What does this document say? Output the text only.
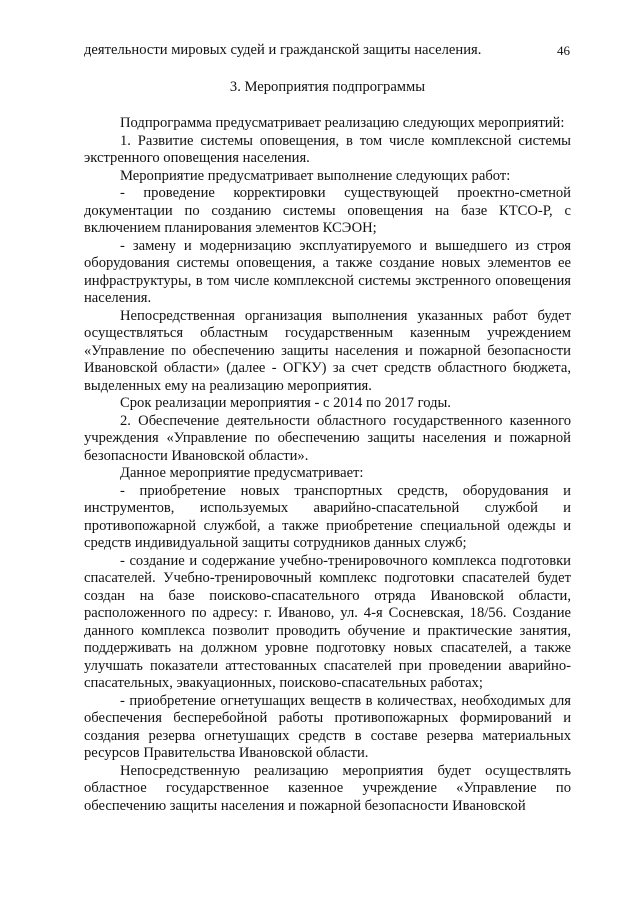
46

деятельности мировых судей и гражданской защиты населения.

3. Мероприятия подпрограммы

Подпрограмма предусматривает реализацию следующих мероприятий:

1. Развитие системы оповещения, в том числе комплексной системы экстренного оповещения населения.

Мероприятие предусматривает выполнение следующих работ:

- проведение корректировки существующей проектно-сметной документации по созданию системы оповещения на базе КТСО-Р, с включением планирования элементов КСЭОН;

- замену и модернизацию эксплуатируемого и вышедшего из строя оборудования системы оповещения, а также создание новых элементов ее инфраструктуры, в том числе комплексной системы экстренного оповещения населения.

Непосредственная организация выполнения указанных работ будет осуществляться областным государственным казенным учреждением «Управление по обеспечению защиты населения и пожарной безопасности Ивановской области» (далее - ОГКУ) за счет средств областного бюджета, выделенных ему на реализацию мероприятия.

Срок реализации мероприятия - с 2014 по 2017 годы.

2. Обеспечение деятельности областного государственного казенного учреждения «Управление по обеспечению защиты населения и пожарной безопасности Ивановской области».

Данное мероприятие предусматривает:

- приобретение новых транспортных средств, оборудования и инструментов, используемых аварийно-спасательной службой и противопожарной службой, а также приобретение специальной одежды и средств индивидуальной защиты сотрудников данных служб;

- создание и содержание учебно-тренировочного комплекса подготовки спасателей. Учебно-тренировочный комплекс подготовки спасателей будет создан на базе поисково-спасательного отряда Ивановской области, расположенного по адресу: г. Иваново, ул. 4-я Сосневская, 18/56. Создание данного комплекса позволит проводить обучение и практические занятия, поддерживать на должном уровне подготовку новых спасателей, а также улучшать показатели аттестованных спасателей при проведении аварийно-спасательных, эвакуационных, поисково-спасательных работах;

- приобретение огнетушащих веществ в количествах, необходимых для обеспечения бесперебойной работы противопожарных формирований и создания резерва огнетушащих средств в составе резерва материальных ресурсов Правительства Ивановской области.

Непосредственную реализацию мероприятия будет осуществлять областное государственное казенное учреждение «Управление по обеспечению защиты населения и пожарной безопасности Ивановской
